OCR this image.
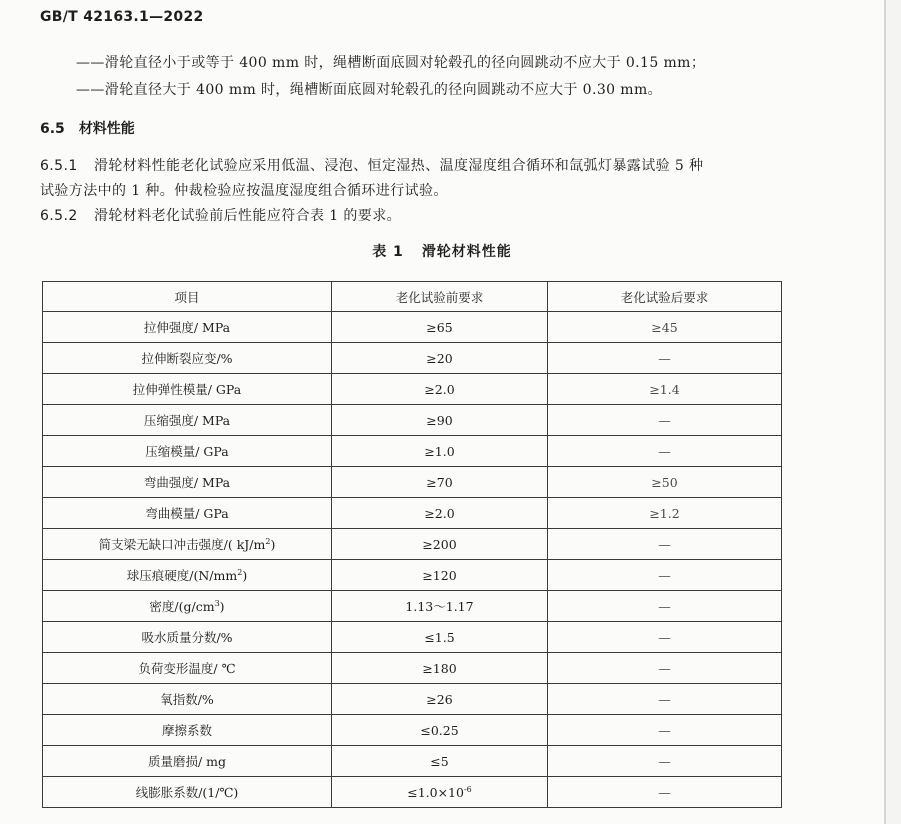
GB/T 42163.1—2022
——滑轮直径小于或等于 400 mm 时，绳槽断面底圆对轮毂孔的径向圆跳动不应大于 0.15 mm；
——滑轮直径大于 400 mm 时，绳槽断面底圆对轮毂孔的径向圆跳动不应大于 0.30 mm。
6.5 材料性能
6.5.1 滑轮材料性能老化试验应采用低温、浸泡、恒定湿热、温度湿度组合循环和氙弧灯暴露试验 5 种
试验方法中的 1 种。仲裁检验应按温度湿度组合循环进行试验。
6.5.2 滑轮材料老化试验前后性能应符合表 1 的要求。
表 1 滑轮材料性能
项目	老化试验前要求	老化试验后要求
拉伸强度/ MPa	≥65	≥45
拉伸断裂应变/%	≥20	—
拉伸弹性模量/ GPa	≥2.0	≥1.4
压缩强度/ MPa	≥90	—
压缩模量/ GPa	≥1.0	—
弯曲强度/ MPa	≥70	≥50
弯曲模量/ GPa	≥2.0	≥1.2
简支梁无缺口冲击强度/( $kJ/m^2$)	≥200	—
球压痕硬度$/(N/mm^2)$	≥120	—
密度$/(g/cm^3)$	1.13～1.17	—
吸水质量分数/%	≤1.5	—
负荷变形温度/ ℃	≥180	—
氧指数/%	≥26	—
摩擦系数	≤0.25	—
质量磨损/ mg	≤5	—
线膨胀系数/(1/℃)	$\le 1.0\times 10^{-6}$	—
